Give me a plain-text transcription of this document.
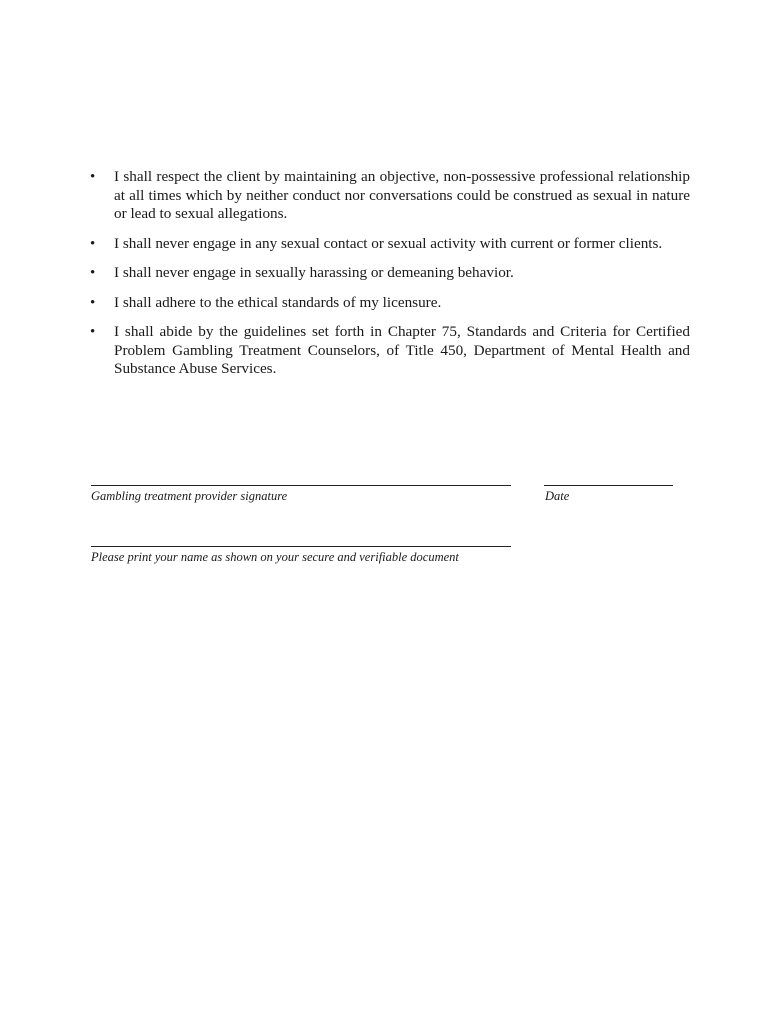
•	I shall respect the client by maintaining an objective, non-possessive professional relationship at all times which by neither conduct nor conversations could be construed as sexual in nature or lead to sexual allegations.
•	I shall never engage in any sexual contact or sexual activity with current or former clients.
•	I shall never engage in sexually harassing or demeaning behavior.
•	I shall adhere to the ethical standards of my licensure.
•	I shall abide by the guidelines set forth in Chapter 75, Standards and Criteria for Certified Problem Gambling Treatment Counselors, of Title 450, Department of Mental Health and Substance Abuse Services.
Gambling treatment provider signature	Date
Please print your name as shown on your secure and verifiable document
